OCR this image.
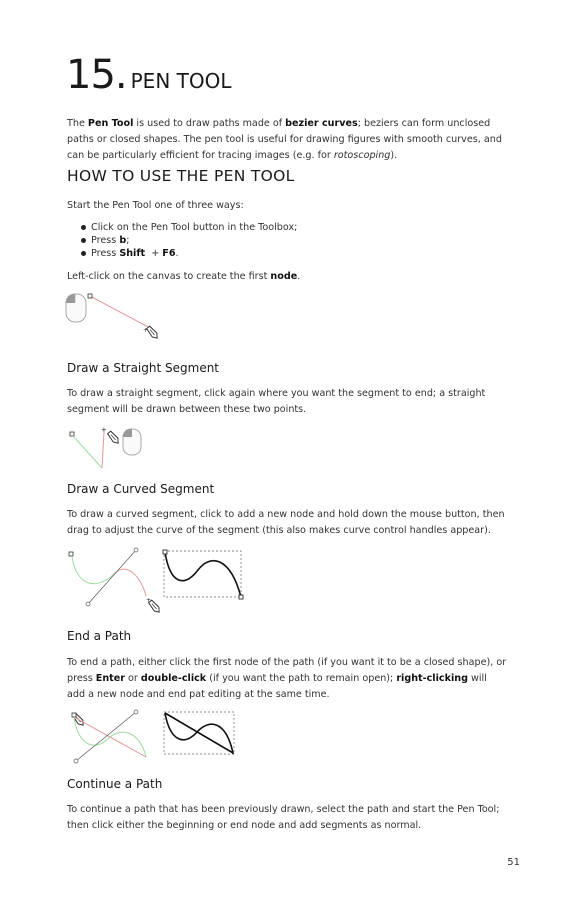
15. PEN TOOL
The Pen Tool is used to draw paths made of bezier curves; beziers can form unclosed paths or closed shapes. The pen tool is useful for drawing figures with smooth curves, and can be particularly efficient for tracing images (e.g. for rotoscoping).
HOW TO USE THE PEN TOOL
Start the Pen Tool one of three ways:
Click on the Pen Tool button in the Toolbox;
Press b;
Press Shift  + F6.
Left-click on the canvas to create the first node.
+
Draw a Straight Segment
To draw a straight segment, click again where you want the segment to end; a straight segment will be drawn between these two points.
+
Draw a Curved Segment
To draw a curved segment, click to add a new node and hold down the mouse button, then drag to adjust the curve of the segment (this also makes curve control handles appear).
+
End a Path
To end a path, either click the first node of the path (if you want it to be a closed shape), or press Enter or double-click (if you want the path to remain open); right-clicking will add a new node and end pat editing at the same time.
Continue a Path
To continue a path that has been previously drawn, select the path and start the Pen Tool; then click either the beginning or end node and add segments as normal.
51
